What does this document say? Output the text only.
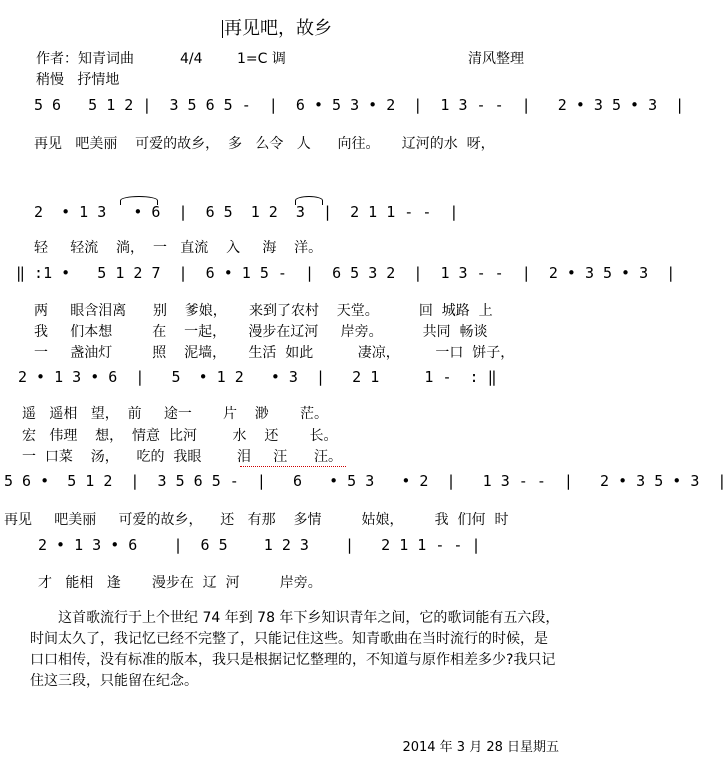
再见吧，故乡
作者：知青词曲	4/4 1=C 调	清风整理
稍慢   抒情地
5 6   5 1 2 |  3 5 6 5 -  |  6 • 5 3 • 2  |  1 3 - -  |   2 • 3 5 • 3  |
再见   吧美丽    可爱的故乡，  多   么令   人      向往。     辽河的水  呀，
2  • 1 3   • 6  |  6 5  1 2  3  |  2 1 1 - -  |
轻     轻流    淌，  一   直流    入     海    洋。
‖ :1 •   5 1 2 7  |  6 • 1 5 -  |  6 5 3 2  |  1 3 - -  |  2 • 3 5 • 3  |
两     眼含泪离      别    爹娘，     来到了农村    天堂。         回  城路  上
我     们本想         在    一起，     漫步在辽河     岸旁。         共同  畅谈
一     盏油灯         照    泥墙，     生活  如此          凄凉，        一口  饼子，
2 • 1 3 • 6  |   5  • 1 2   • 3  |   2 1     1 -  : ‖
遥   遥相   望，  前     途一       片    渺       茫。
宏   伟理    想，  情意  比河        水    还       长。
一  口菜    汤，    吃的  我眼        泪     汪      汪。
5 6 •  5 1 2  |  3 5 6 5 -  |   6   • 5 3   • 2  |   1 3 - -  |   2 • 3 5 • 3  |
再见     吧美丽     可爱的故乡，    还   有那    多情         姑娘，       我  们何  时
2 • 1 3 • 6    |  6 5    1 2 3    |   2 1 1 - - |
才   能相   逢       漫步在  辽  河         岸旁。
这首歌流行于上个世纪 74 年到 78 年下乡知识青年之间，它的歌词能有五六段，时间太久了，我记忆已经不完整了，只能记住这些。知青歌曲在当时流行的时候，是口口相传，没有标准的版本，我只是根据记忆整理的，不知道与原作相差多少?我只记住这三段，只能留在纪念。
2014 年 3 月 28 日星期五
